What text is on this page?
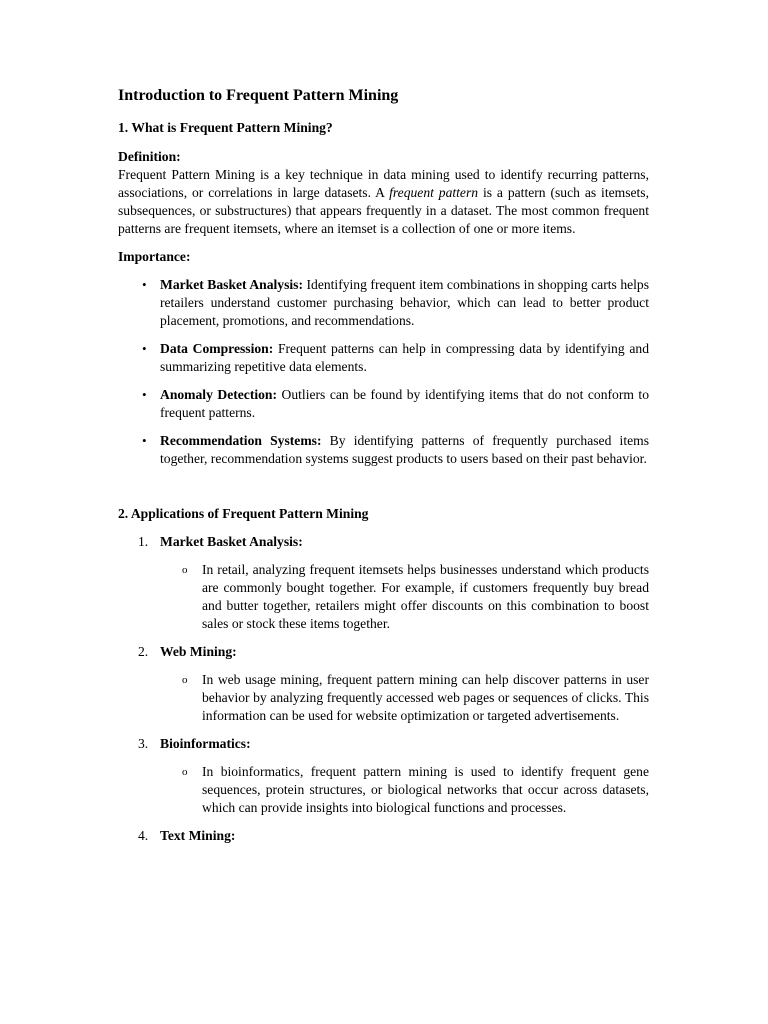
Introduction to Frequent Pattern Mining
1. What is Frequent Pattern Mining?

Definition:

Frequent Pattern Mining is a key technique in data mining used to identify recurring patterns, associations, or correlations in large datasets. A frequent pattern is a pattern (such as itemsets, subsequences, or substructures) that appears frequently in a dataset. The most common frequent patterns are frequent itemsets, where an itemset is a collection of one or more items.

Importance:

• Market Basket Analysis: Identifying frequent item combinations in shopping carts helps retailers understand customer purchasing behavior, which can lead to better product placement, promotions, and recommendations.
• Data Compression: Frequent patterns can help in compressing data by identifying and summarizing repetitive data elements.
• Anomaly Detection: Outliers can be found by identifying items that do not conform to frequent patterns.
• Recommendation Systems: By identifying patterns of frequently purchased items together, recommendation systems suggest products to users based on their past behavior.
2. Applications of Frequent Pattern Mining
1. Market Basket Analysis:
o In retail, analyzing frequent itemsets helps businesses understand which products are commonly bought together. For example, if customers frequently buy bread and butter together, retailers might offer discounts on this combination to boost sales or stock these items together.
2. Web Mining:
o In web usage mining, frequent pattern mining can help discover patterns in user behavior by analyzing frequently accessed web pages or sequences of clicks. This information can be used for website optimization or targeted advertisements.
3. Bioinformatics:
o In bioinformatics, frequent pattern mining is used to identify frequent gene sequences, protein structures, or biological networks that occur across datasets, which can provide insights into biological functions and processes.
4. Text Mining:
